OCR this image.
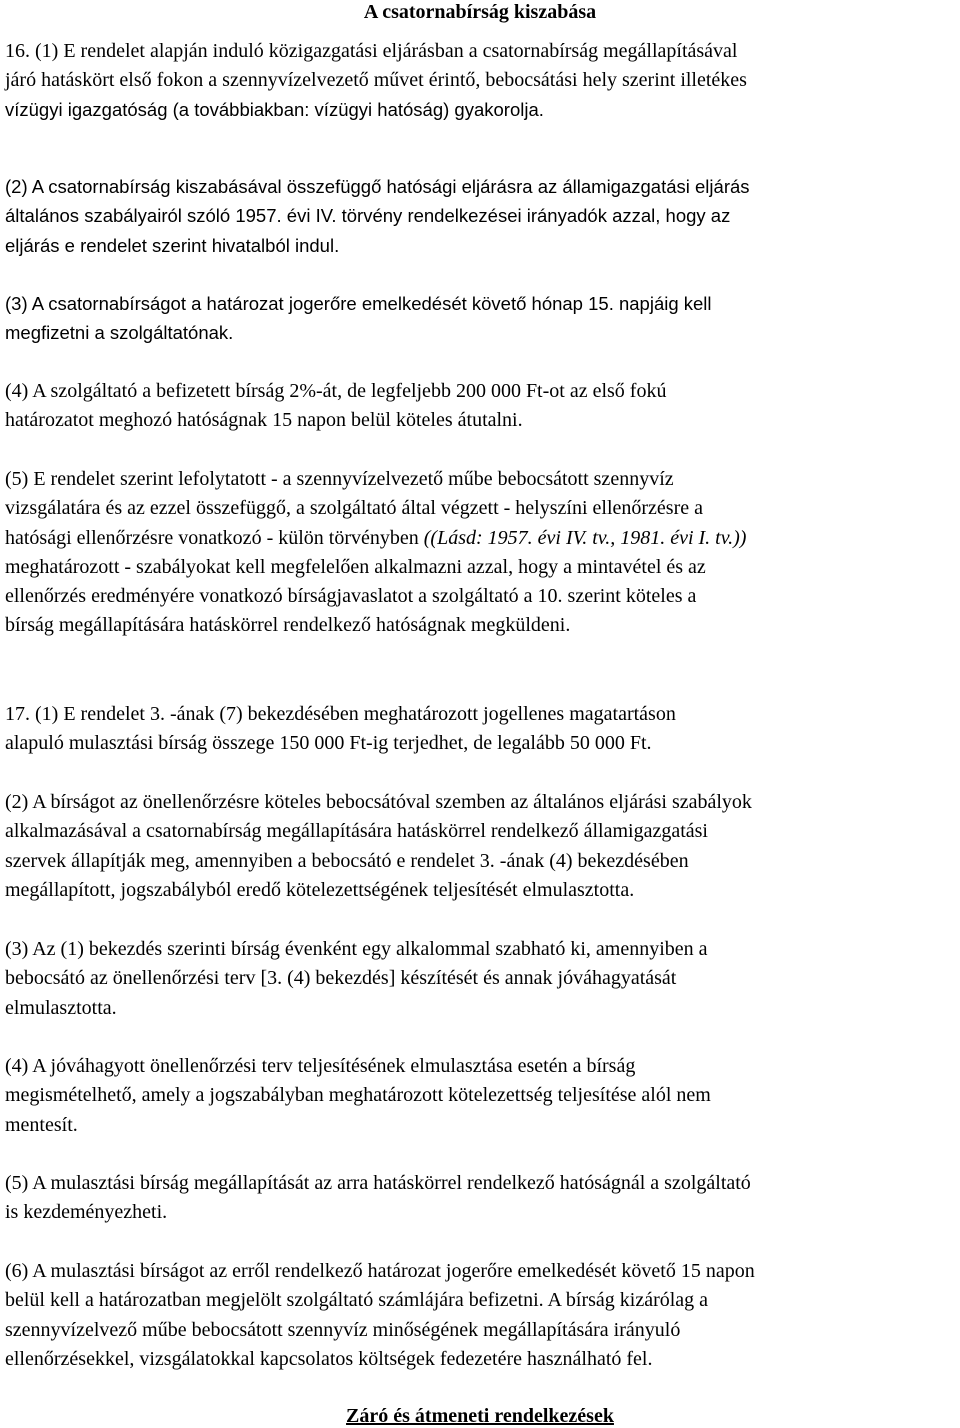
A csatornabírság kiszabása

16. (1) E rendelet alapján induló közigazgatási eljárásban a csatornabírság megállapításával
járó hatáskört első fokon a szennyvízelvezető művet érintő, bebocsátási hely szerint illetékes

vízügyi igazgatóság (a továbbiakban: vízügyi hatóság) gyakorolja.

(2) A csatornabírság kiszabásával összefüggő hatósági eljárásra az államigazgatási eljárás
általános szabályairól szóló 1957. évi IV. törvény rendelkezései irányadók azzal, hogy az
eljárás e rendelet szerint hivatalból indul.

(3) A csatornabírságot a határozat jogerőre emelkedését követő hónap 15. napjáig kell
megfizetni a szolgáltatónak.

(4) A szolgáltató a befizetett bírság 2%-át, de legfeljebb 200 000 Ft-ot az első fokú
határozatot meghozó hatóságnak 15 napon belül köteles átutalni.

(5) E rendelet szerint lefolytatott - a szennyvízelvezető műbe bebocsátott szennyvíz
vizsgálatára és az ezzel összefüggő, a szolgáltató által végzett - helyszíni ellenőrzésre a
hatósági ellenőrzésre vonatkozó - külön törvényben ((Lásd: 1957. évi IV. tv., 1981. évi I. tv.))
meghatározott - szabályokat kell megfelelően alkalmazni azzal, hogy a mintavétel és az
ellenőrzés eredményére vonatkozó bírságjavaslatot a szolgáltató a 10. szerint köteles a
bírság megállapítására hatáskörrel rendelkező hatóságnak megküldeni.

17. (1) E rendelet 3. -ának (7) bekezdésében meghatározott jogellenes magatartáson
alapuló mulasztási bírság összege 150 000 Ft-ig terjedhet, de legalább 50 000 Ft.

(2) A bírságot az önellenőrzésre köteles bebocsátóval szemben az általános eljárási szabályok
alkalmazásával a csatornabírság megállapítására hatáskörrel rendelkező államigazgatási
szervek állapítják meg, amennyiben a bebocsátó e rendelet 3. -ának (4) bekezdésében
megállapított, jogszabályból eredő kötelezettségének teljesítését elmulasztotta.

(3) Az (1) bekezdés szerinti bírság évenként egy alkalommal szabható ki, amennyiben a
bebocsátó az önellenőrzési terv [3. (4) bekezdés] készítését és annak jóváhagyatását
elmulasztotta.

(4) A jóváhagyott önellenőrzési terv teljesítésének elmulasztása esetén a bírság
megismételhető, amely a jogszabályban meghatározott kötelezettség teljesítése alól nem
mentesít.

(5) A mulasztási bírság megállapítását az arra hatáskörrel rendelkező hatóságnál a szolgáltató
is kezdeményezheti.

(6) A mulasztási bírságot az erről rendelkező határozat jogerőre emelkedését követő 15 napon
belül kell a határozatban megjelölt szolgáltató számlájára befizetni. A bírság kizárólag a
szennyvízelvező műbe bebocsátott szennyvíz minőségének megállapítására irányuló
ellenőrzésekkel, vizsgálatokkal kapcsolatos költségek fedezetére használható fel.

Záró és átmeneti rendelkezések
